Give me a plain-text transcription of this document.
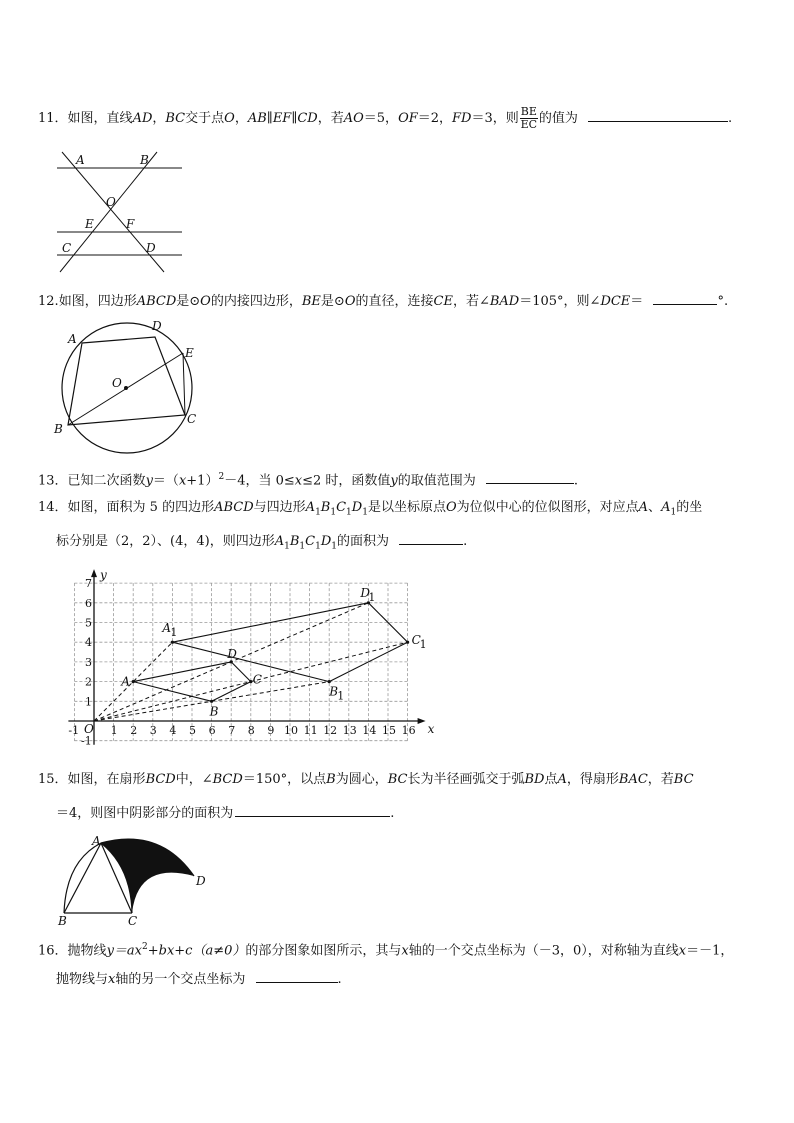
11．如图，直线AD，BC交于点O，AB∥EF∥CD，若AO＝5，OF＝2，FD＝3，则 $\frac{BE}{EC}$ 的值为	.
A	B
O
E	F
C	D
12.如图，四边形ABCD是⊙O的内接四边形，BE是⊙O的直径，连接CE，若∠BAD＝105°，则∠DCE＝	°.
A
D
E
O
B
C
13．已知二次函数$y=(x+1)^2-4$，当 0≤x≤2 时，函数值y的取值范围为	.
14．如图，面积为 5 的四边形ABCD与四边形$A_1B_1C_1D_1$是以坐标原点O为位似中心的位似图形，对应点A、$A_1$的坐
标分别是（2，2）、(4，4)，则四边形$A_1B_1C_1D_1$的面积为	.
x
y
O
-1	1 2 3 4 5 6 7 8 9 10 11 12 13 14 15 16
-1
1
2
3
4
5
6
7
A
B
C
D
A 1
B 1
C
1
D
1
15．如图，在扇形BCD中，∠BCD＝150°，以点B为圆心，BC长为半径画弧交于弧BD点A，得扇形BAC，若BC
＝4，则图中阴影部分的面积为	.
A
D
B	C
16．抛物线$y=ax^2+bx+c(a\ne 0)$的部分图象如图所示，其与x轴的一个交点坐标为（－3，0），对称轴为直线x＝－1，
抛物线与x轴的另一个交点坐标为	.
